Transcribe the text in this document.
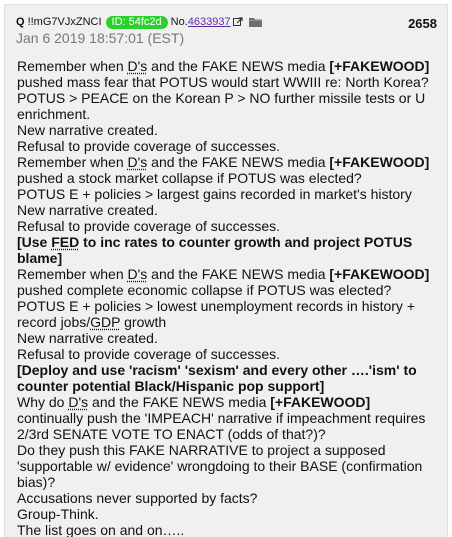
Q !!mG7VJxZNCI ID: 54fc2d No. 4633937
Jan 6 2019 18:57:01 (EST)
2658
Remember when D's and the FAKE NEWS media [+FAKEWOOD]
pushed mass fear that POTUS would start WWIII re: North Korea?
POTUS > PEACE on the Korean P > NO further missile tests or U
enrichment.
New narrative created.
Refusal to provide coverage of successes.
Remember when D's and the FAKE NEWS media [+FAKEWOOD]
pushed a stock market collapse if POTUS was elected?
POTUS E + policies > largest gains recorded in market's history
New narrative created.
Refusal to provide coverage of successes.
[Use FED to inc rates to counter growth and project POTUS
blame]
Remember when D's and the FAKE NEWS media [+FAKEWOOD]
pushed complete economic collapse if POTUS was elected?
POTUS E + policies > lowest unemployment records in history +
record jobs/GDP growth
New narrative created.
Refusal to provide coverage of successes.
[Deploy and use 'racism' 'sexism' and every other ….'ism' to
counter potential Black/Hispanic pop support]
Why do D's and the FAKE NEWS media [+FAKEWOOD]
continually push the 'IMPEACH' narrative if impeachment requires
2/3rd SENATE VOTE TO ENACT (odds of that?)?
Do they push this FAKE NARRATIVE to project a supposed
'supportable w/ evidence' wrongdoing to their BASE (confirmation
bias)?
Accusations never supported by facts?
Group-Think.
The list goes on and on…..
